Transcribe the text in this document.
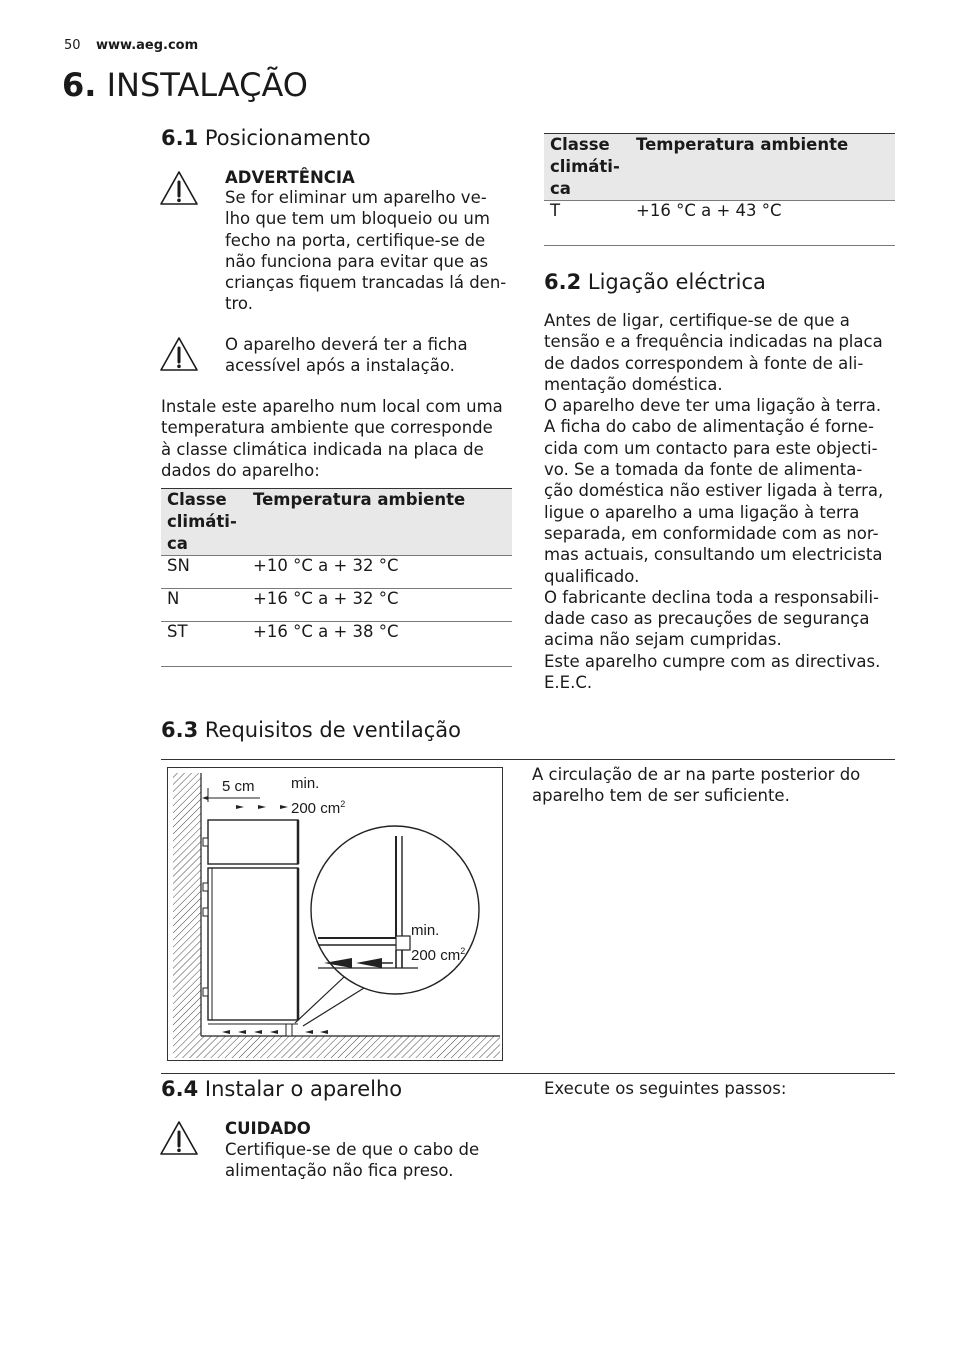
50 www.aeg.com
6. INSTALAÇÃO
6.1 Posicionamento
ADVERTÊNCIA

Se for eliminar um aparelho ve-
lho que tem um bloqueio ou um
fecho na porta, certifique-se de
não funciona para evitar que as
crianças fiquem trancadas lá den-
tro.

O aparelho deverá ter a ficha
acessível após a instalação.

Instale este aparelho num local com uma
temperatura ambiente que corresponde
à classe climática indicada na placa de
dados do aparelho:

Classe
climáti-
ca	Temperatura ambiente
SN	+10 °C a + 32 °C
N	+16 °C a + 32 °C
ST	+16 °C a + 38 °C
Classe
climáti-
ca	Temperatura ambiente
T	+16 °C a + 43 °C
6.2 Ligação eléctrica

Antes de ligar, certifique-se de que a
tensão e a frequência indicadas na placa
de dados correspondem à fonte de ali-
mentação doméstica.
O aparelho deve ter uma ligação à terra.
A ficha do cabo de alimentação é forne-
cida com um contacto para este objecti-
vo. Se a tomada da fonte de alimenta-
ção doméstica não estiver ligada à terra,
ligue o aparelho a uma ligação à terra
separada, em conformidade com as nor-
mas actuais, consultando um electricista
qualificado.
O fabricante declina toda a responsabili-
dade caso as precauções de segurança
acima não sejam cumpridas.
Este aparelho cumpre com as directivas.
E.E.C.

6.3 Requisitos de ventilação

A circulação de ar na parte posterior do
aparelho tem de ser suficiente.

5 cm min.
200 $cm^2$
min.
200 $cm^2$
6.4 Instalar o aparelho	Execute os seguintes passos:
CUIDADO

Certifique-se de que o cabo de
alimentação não fica preso.
